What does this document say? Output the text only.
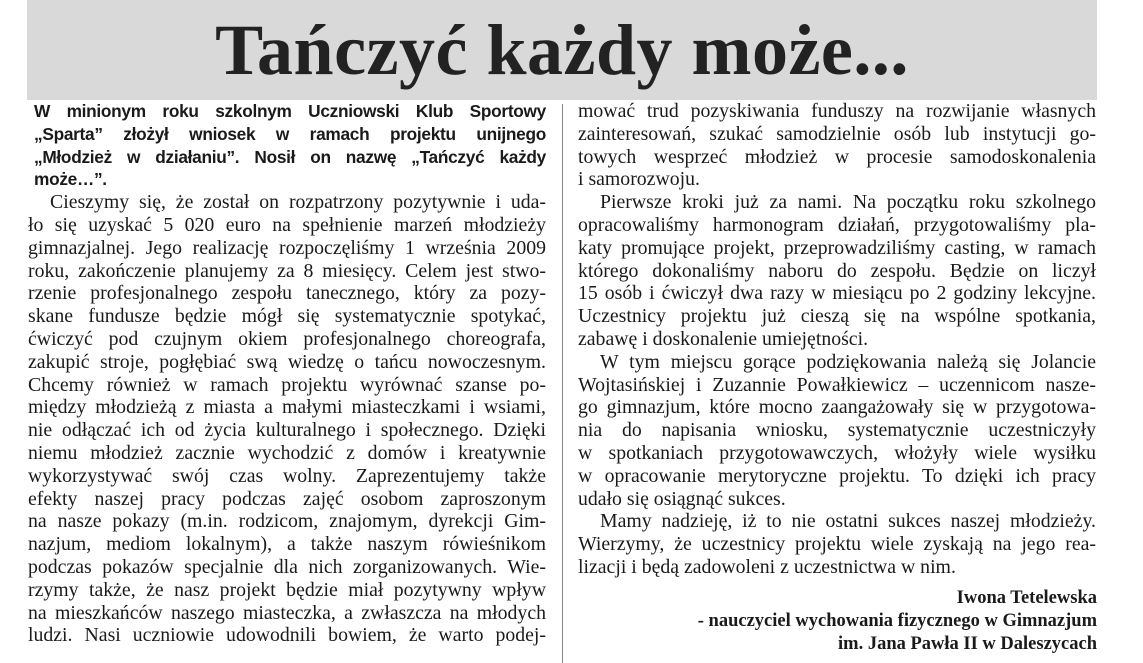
Tańczyć każdy może...
W minionym roku szkolnym Uczniowski Klub Sportowy
„Sparta” złożył wniosek w ramach projektu unijnego
„Młodzież w działaniu”. Nosił on nazwę „Tańczyć każdy
może…”.
Cieszymy się, że został on rozpatrzony pozytywnie i uda-
ło się uzyskać 5 020 euro na spełnienie marzeń młodzieży
gimnazjalnej. Jego realizację rozpoczęliśmy 1 września 2009
roku, zakończenie planujemy za 8 miesięcy. Celem jest stwo-
rzenie profesjonalnego zespołu tanecznego, który za pozy-
skane fundusze będzie mógł się systematycznie spotykać,
ćwiczyć pod czujnym okiem profesjonalnego choreografa,
zakupić stroje, pogłębiać swą wiedzę o tańcu nowoczesnym.
Chcemy również w ramach projektu wyrównać szanse po-
między młodzieżą z miasta a małymi miasteczkami i wsiami,
nie odłączać ich od życia kulturalnego i społecznego. Dzięki
niemu młodzież zacznie wychodzić z domów i kreatywnie
wykorzystywać swój czas wolny. Zaprezentujemy także
efekty naszej pracy podczas zajęć osobom zaproszonym
na nasze pokazy (m.in. rodzicom, znajomym, dyrekcji Gim-
nazjum, mediom lokalnym), a także naszym rówieśnikom
podczas pokazów specjalnie dla nich zorganizowanych. Wie-
rzymy także, że nasz projekt będzie miał pozytywny wpływ
na mieszkańców naszego miasteczka, a zwłaszcza na młodych
ludzi. Nasi uczniowie udowodnili bowiem, że warto podej-
mować trud pozyskiwania funduszy na rozwijanie własnych
zainteresowań, szukać samodzielnie osób lub instytucji go-
towych wesprzeć młodzież w procesie samodoskonalenia
i samorozwoju.
Pierwsze kroki już za nami. Na początku roku szkolnego
opracowaliśmy harmonogram działań, przygotowaliśmy pla-
katy promujące projekt, przeprowadziliśmy casting, w ramach
którego dokonaliśmy naboru do zespołu. Będzie on liczył
15 osób i ćwiczył dwa razy w miesiącu po 2 godziny lekcyjne.
Uczestnicy projektu już cieszą się na wspólne spotkania,
zabawę i doskonalenie umiejętności.
W tym miejscu gorące podziękowania należą się Jolancie
Wojtasińskiej i Zuzannie Powałkiewicz – uczennicom nasze-
go gimnazjum, które mocno zaangażowały się w przygotowa-
nia do napisania wniosku, systematycznie uczestniczyły
w spotkaniach przygotowawczych, włożyły wiele wysiłku
w opracowanie merytoryczne projektu. To dzięki ich pracy
udało się osiągnąć sukces.
Mamy nadzieję, iż to nie ostatni sukces naszej młodzieży.
Wierzymy, że uczestnicy projektu wiele zyskają na jego rea-
lizacji i będą zadowoleni z uczestnictwa w nim.
Iwona Tetelewska
- nauczyciel wychowania fizycznego w Gimnazjum
im. Jana Pawła II w Daleszycach
